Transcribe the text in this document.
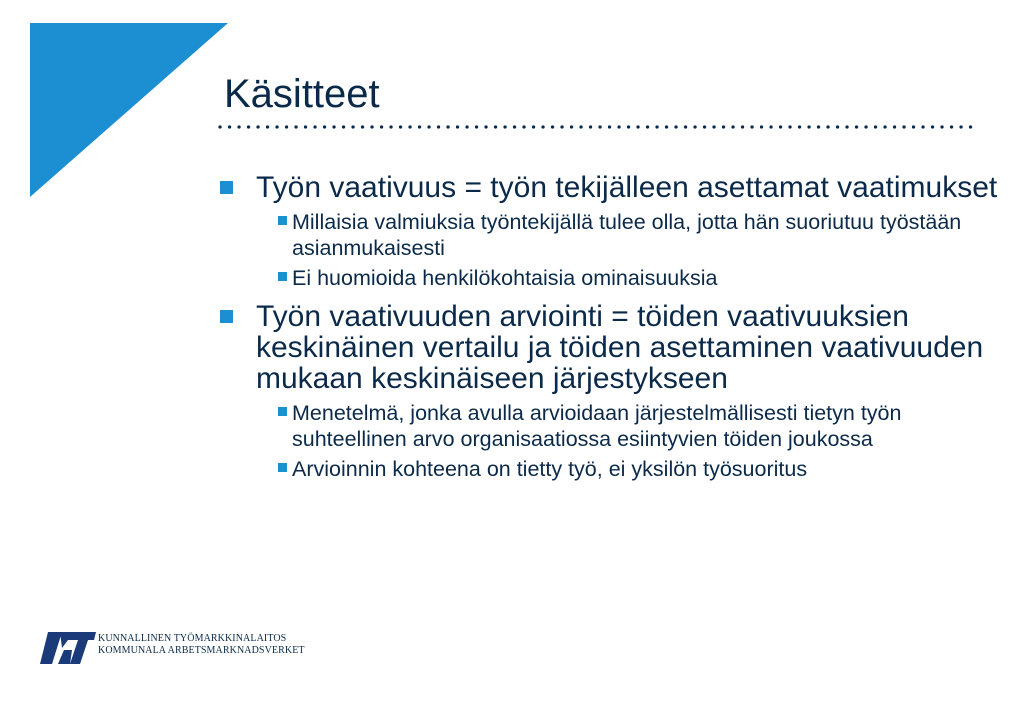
Käsitteet
Työn vaativuus = työn tekijälleen asettamat vaatimukset
Millaisia valmiuksia työntekijällä tulee olla, jotta hän suoriutuu työstään asianmukaisesti
Ei huomioida henkilökohtaisia ominaisuuksia
Työn vaativuuden arviointi = töiden vaativuuksien keskinäinen vertailu ja töiden asettaminen vaativuuden mukaan keskinäiseen järjestykseen
Menetelmä, jonka avulla arvioidaan järjestelmällisesti tietyn työn suhteellinen arvo organisaatiossa esiintyvien töiden joukossa
Arvioinnin kohteena on tietty työ, ei yksilön työsuoritus
KUNNALLINEN TYÖMARKKINALAITOS
KOMMUNALA ARBETSMARKNADSVERKET
